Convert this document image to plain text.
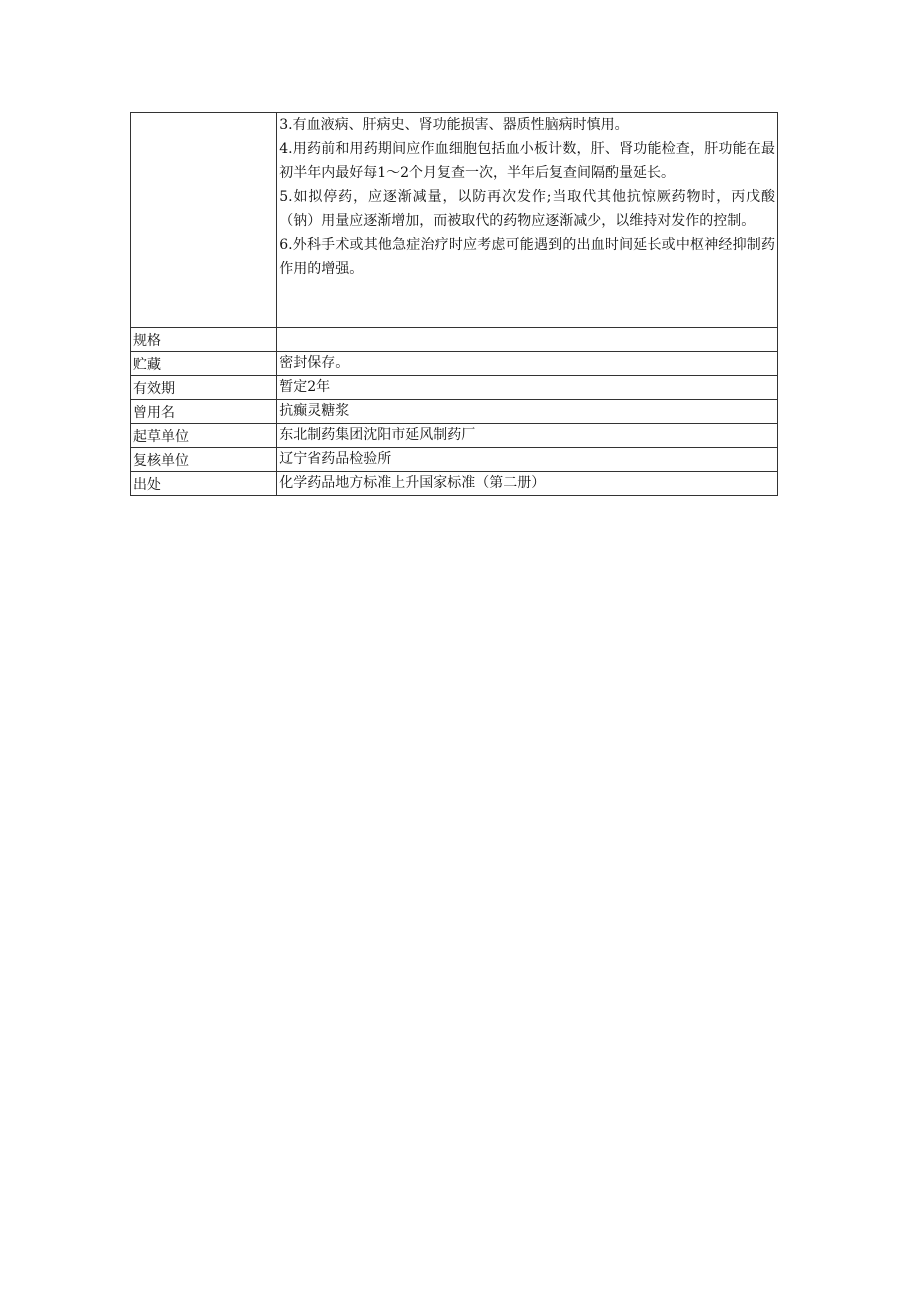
	3.有血液病、肝病史、肾功能损害、器质性脑病时慎用。
4.用药前和用药期间应作血细胞包括血小板计数，肝、肾功能检查，肝功能在最初半年内最好每1～2个月复查一次，半年后复查间隔酌量延长。
5.如拟停药，应逐渐减量，以防再次发作;当取代其他抗惊厥药物时，丙戊酸（钠）用量应逐渐增加，而被取代的药物应逐渐减少，以维持对发作的控制。
6.外科手术或其他急症治疗时应考虑可能遇到的出血时间延长或中枢神经抑制药作用的增强。

规格	
贮藏	密封保存。
有效期	暂定2年
曾用名	抗癫灵糖浆
起草单位	东北制药集团沈阳市延风制药厂
复核单位	辽宁省药品检验所
出处	化学药品地方标准上升国家标准（第二册）
